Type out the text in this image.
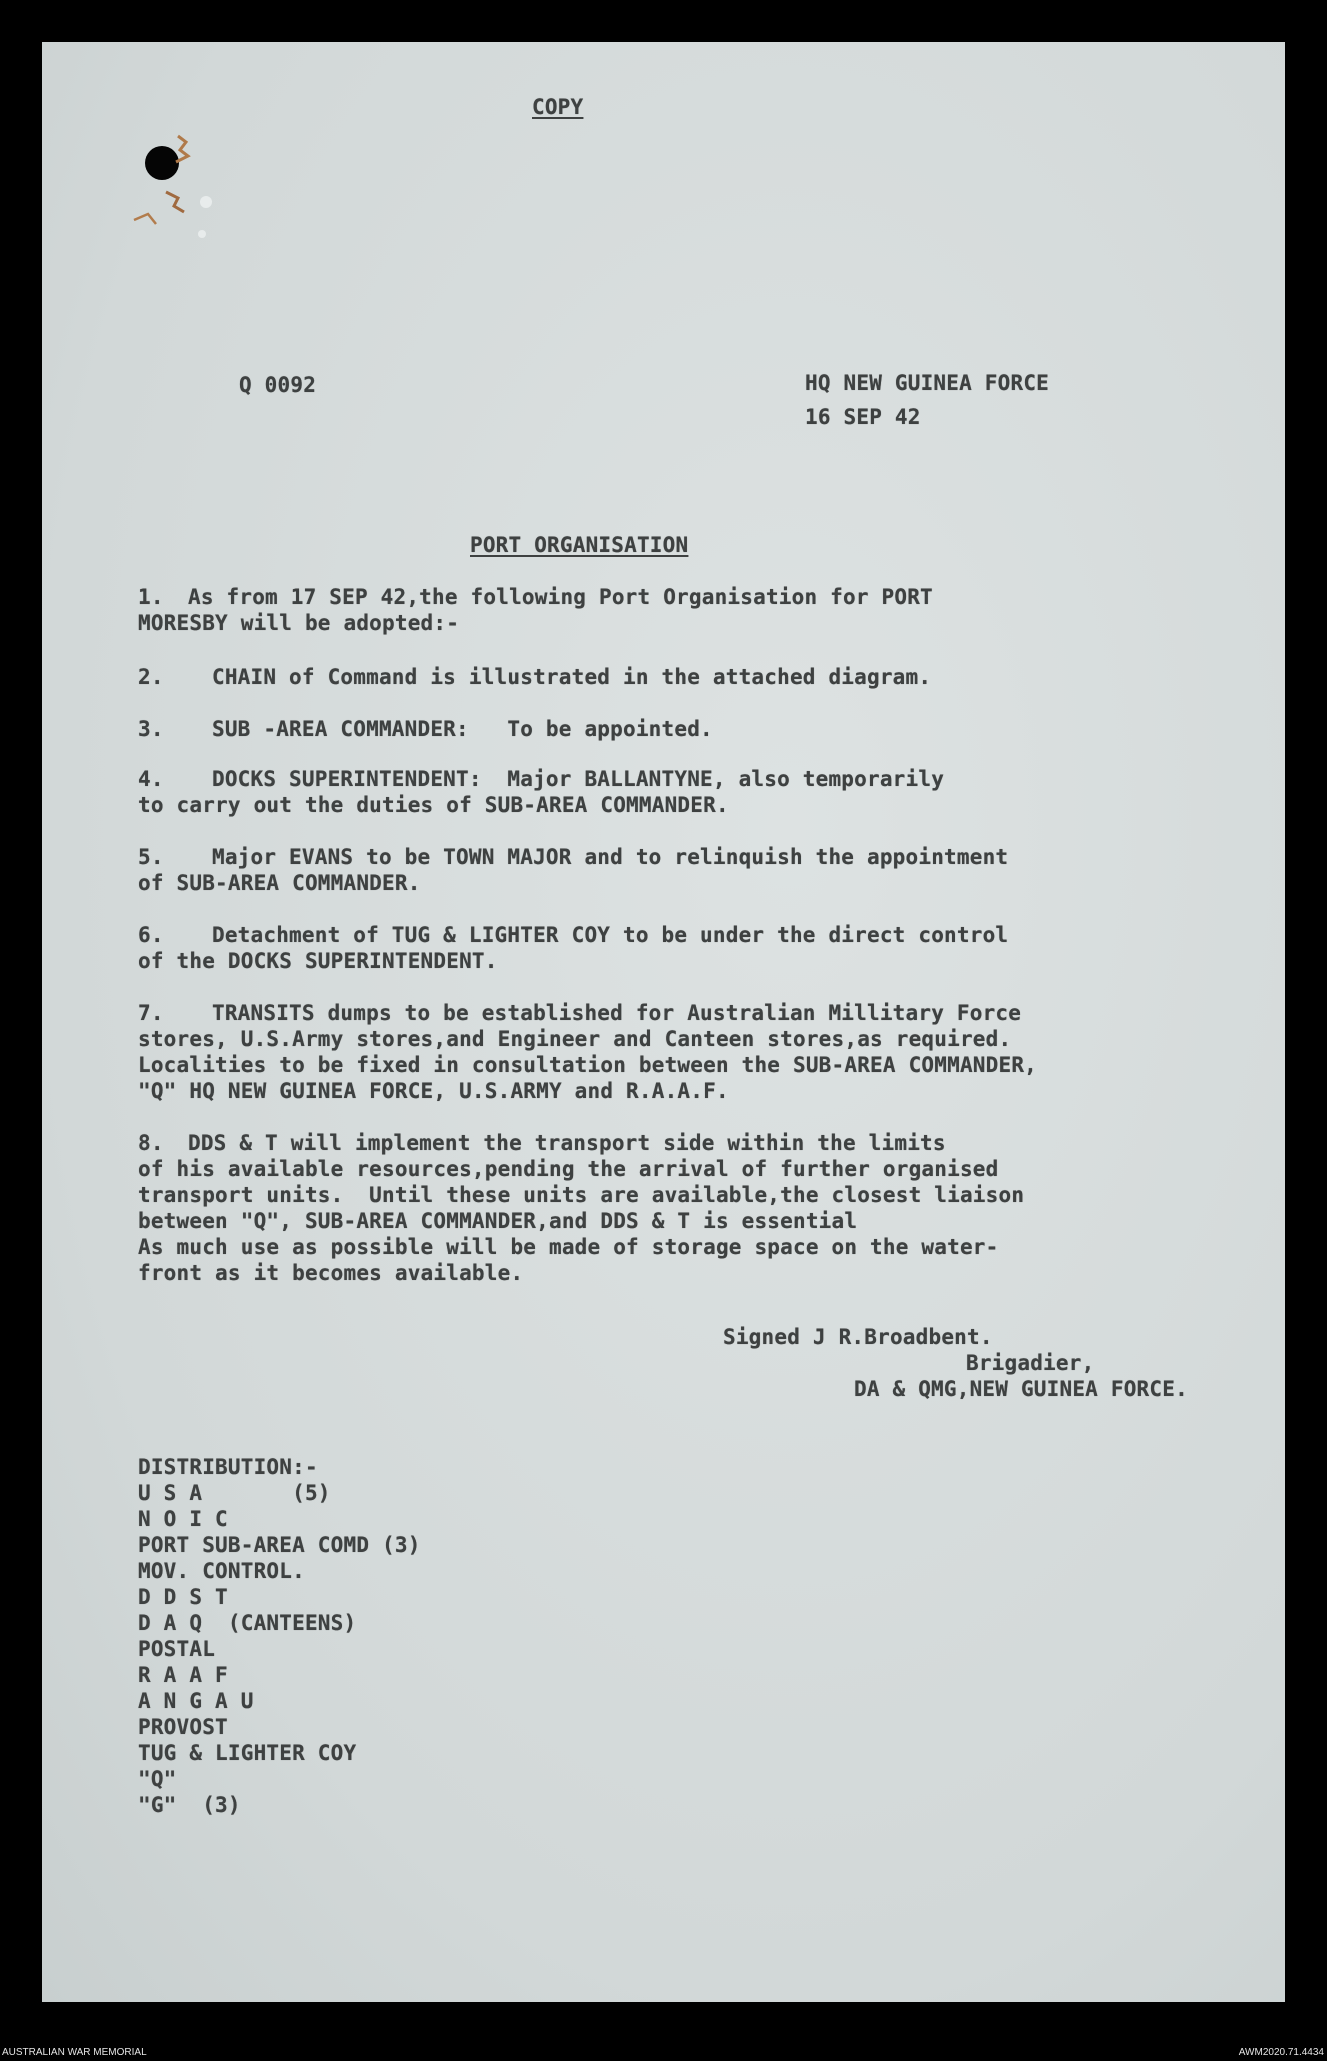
COPY
Q 0092	HQ NEW GUINEA FORCE
16 SEP 42
PORT ORGANISATION
1. As from 17 SEP 42,the following Port Organisation for PORT
MORESBY will be adopted:-
2. CHAIN of Command is illustrated in the attached diagram.
3. SUB -AREA COMMANDER:   To be appointed.
4. DOCKS SUPERINTENDENT:  Major BALLANTYNE, also temporarily
to carry out the duties of SUB-AREA COMMANDER.
5. Major EVANS to be TOWN MAJOR and to relinquish the appointment
of SUB-AREA COMMANDER.
6. Detachment of TUG & LIGHTER COY to be under the direct control
of the DOCKS SUPERINTENDENT.
7. TRANSITS dumps to be established for Australian Millitary Force
stores, U.S.Army stores,and Engineer and Canteen stores,as required.
Localities to be fixed in consultation between the SUB-AREA COMMANDER,
"Q" HQ NEW GUINEA FORCE, U.S.ARMY and R.A.A.F.
8. DDS & T will implement the transport side within the limits
of his available resources,pending the arrival of further organised
transport units.  Until these units are available,the closest liaison
between "Q", SUB-AREA COMMANDER,and DDS & T is essential
As much use as possible will be made of storage space on the water-
front as it becomes available.
Signed J R.Broadbent.
Brigadier,
DA & QMG,NEW GUINEA FORCE.
DISTRIBUTION:-
U S A       (5)
N O I C
PORT SUB-AREA COMD (3)
MOV. CONTROL.
D D S T
D A Q  (CANTEENS)
POSTAL
R A A F
A N G A U
PROVOST
TUG & LIGHTER COY
"Q"
"G"  (3)
AUSTRALIAN WAR MEMORIAL	AWM2020.71.4434
